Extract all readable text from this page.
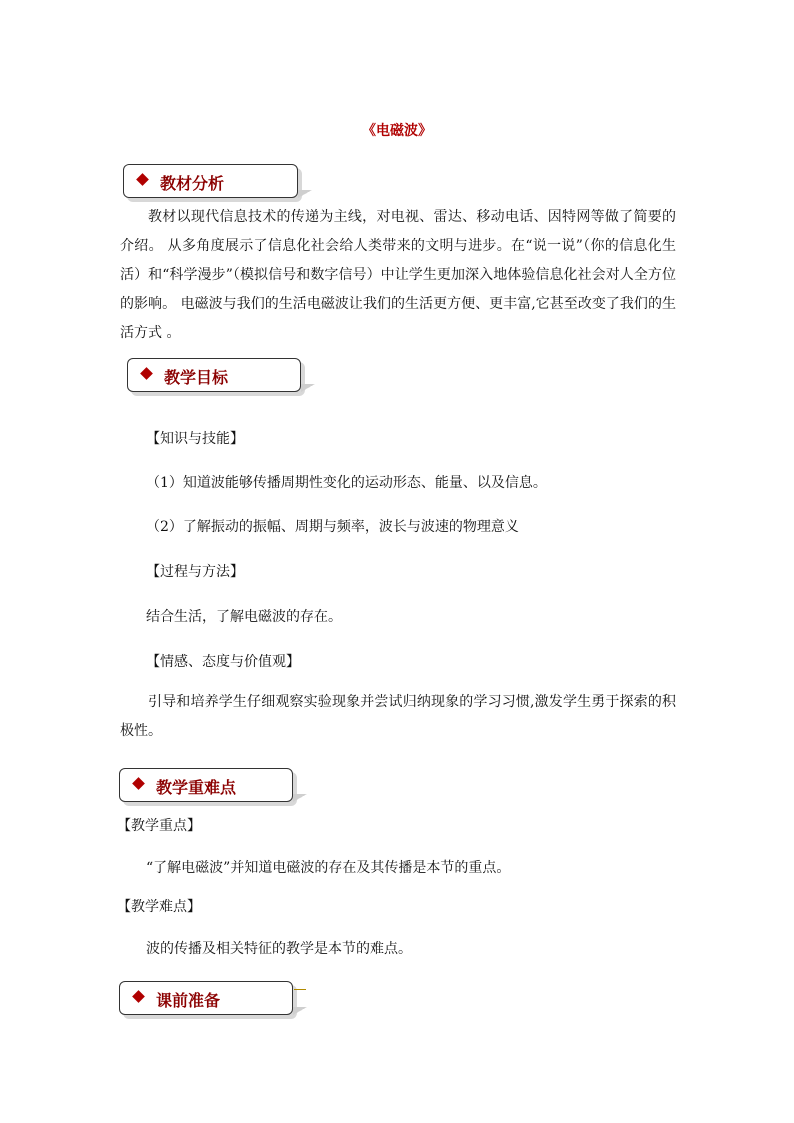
《电磁波》
教材分析

教材以现代信息技术的传递为主线，对电视、雷达、移动电话、因特网等做了简要的介绍。 从多角度展示了信息化社会给人类带来的文明与进步。在“说一说”（你的信息化生活）和“科学漫步”（模拟信号和数字信号）中让学生更加深入地体验信息化社会对人全方位的影响。 电磁波与我们的生活电磁波让我们的生活更方便、更丰富,它甚至改变了我们的生活方式 。

教学目标

【知识与技能】

（1）知道波能够传播周期性变化的运动形态、能量、以及信息。

（2）了解振动的振幅、周期与频率，波长与波速的物理意义

【过程与方法】

结合生活，了解电磁波的存在。

【情感、态度与价值观】

引导和培养学生仔细观察实验现象并尝试归纳现象的学习习惯,激发学生勇于探索的积极性。

教学重难点

【教学重点】

“了解电磁波”并知道电磁波的存在及其传播是本节的重点。

【教学难点】

波的传播及相关特征的教学是本节的难点。

课前准备
